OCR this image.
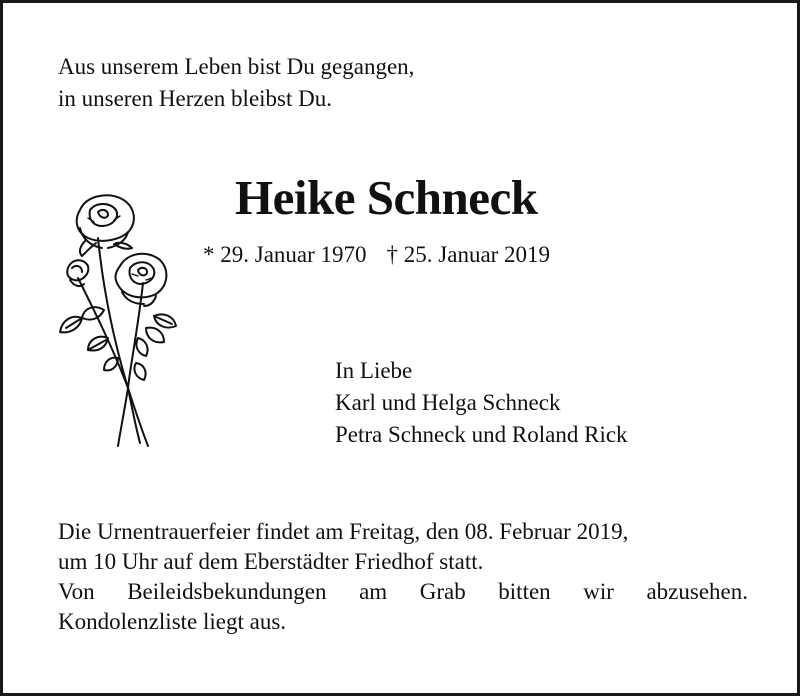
Aus unserem Leben bist Du gegangen,
in unseren Herzen bleibst Du.
Heike Schneck
* 29. Januar 1970 † 25. Januar 2019
In Liebe
Karl und Helga Schneck
Petra Schneck und Roland Rick
Die Urnentrauerfeier findet am Freitag, den 08. Februar 2019,
um 10 Uhr auf dem Eberstädter Friedhof statt.
Von Beileidsbekundungen am Grab bitten wir abzusehen.
Kondolenzliste liegt aus.
